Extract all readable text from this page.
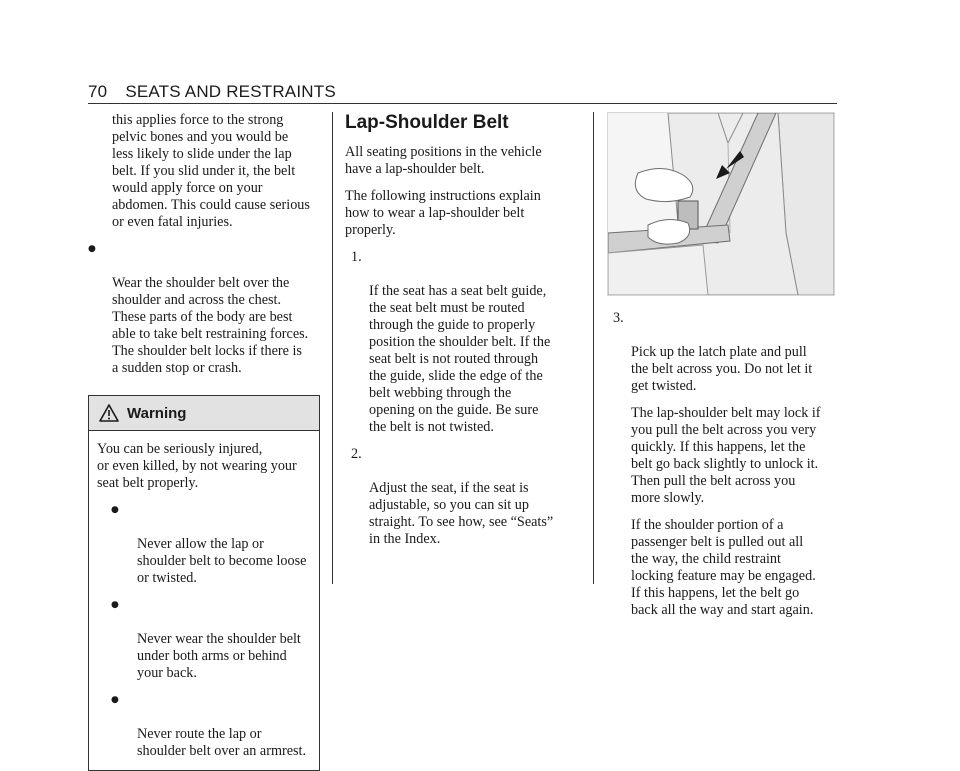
70 SEATS AND RESTRAINTS

this applies force to the strong
pelvic bones and you would be
less likely to slide under the lap
belt. If you slid under it, the belt
would apply force on your
abdomen. This could cause serious
or even fatal injuries.

●

Wear the shoulder belt over the
shoulder and across the chest.
These parts of the body are best
able to take belt restraining forces.
The shoulder belt locks if there is
a sudden stop or crash.

Warning

You can be seriously injured,
or even killed, by not wearing your
seat belt properly.

●

Never allow the lap or
shoulder belt to become loose
or twisted.

●

Never wear the shoulder belt
under both arms or behind
your back.

●

Never route the lap or
shoulder belt over an armrest.

Lap-Shoulder Belt

All seating positions in the vehicle
have a lap-shoulder belt.

The following instructions explain
how to wear a lap-shoulder belt
properly.

1.

If the seat has a seat belt guide,
the seat belt must be routed
through the guide to properly
position the shoulder belt. If the
seat belt is not routed through
the guide, slide the edge of the
belt webbing through the
opening on the guide. Be sure
the belt is not twisted.

2.

Adjust the seat, if the seat is
adjustable, so you can sit up
straight. To see how, see “Seats”
in the Index.

3.

Pick up the latch plate and pull
the belt across you. Do not let it
get twisted.

The lap-shoulder belt may lock if
you pull the belt across you very
quickly. If this happens, let the
belt go back slightly to unlock it.
Then pull the belt across you
more slowly.

If the shoulder portion of a
passenger belt is pulled out all
the way, the child restraint
locking feature may be engaged.
If this happens, let the belt go
back all the way and start again.
